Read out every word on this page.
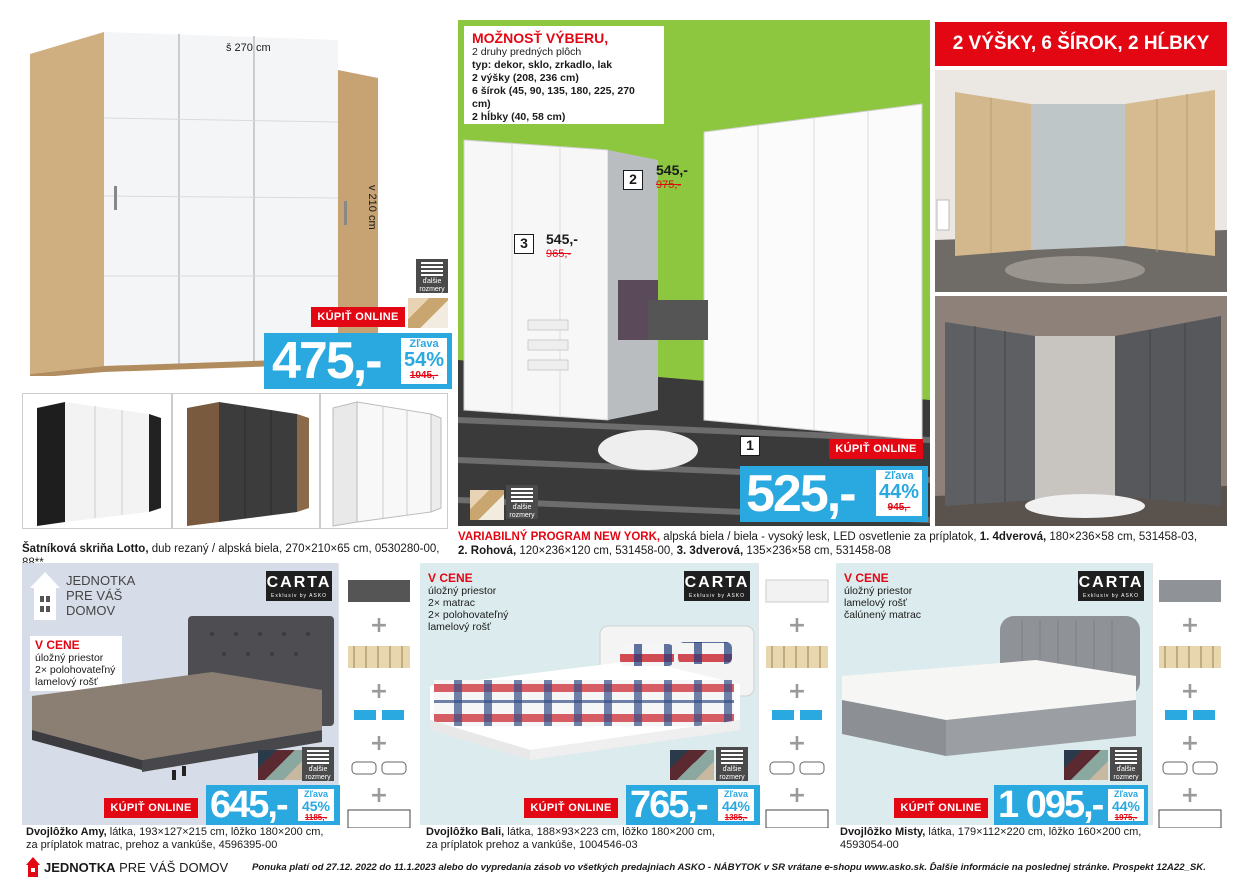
š 270 cm
v 210 cm
ďalšie rozmery
KÚPIŤ ONLINE
475,-	Zľava
54%
1045,-
MOŽNOSŤ VÝBERU,
2 druhy predných plôch
typ: dekor, sklo, zrkadlo, lak
2 výšky (208, 236 cm)
6 šírok (45, 90, 135, 180, 225, 270 cm)
2 hĺbky (40, 58 cm)
2
545,-
975,-
3	545,-
965,-
1
ďalšie rozmery
KÚPIŤ ONLINE
525,-	Zľava
44%
945,-
2 VÝŠKY, 6 ŠÍROK, 2 HĹBKY
Šatníková skriňa Lotto, dub rezaný / alpská biela, 270×210×65 cm, 0530280-00,
VARIABILNÝ PROGRAM NEW YORK, alpská biela / biela - vysoký lesk, LED osvetlenie za príplatok, 1. 4dverová, 180×236×58 cm, 531458-03,
2. Rohová, 120×236×120 cm, 531458-00, 3. 3dverová, 135×236×58 cm, 531458-08
JEDNOTKA
PRE VÁŠ
DOMOV
CARTA
Exklusiv by ASKO
V CENE
úložný priestor
2× polohovateľný
lamelový rošť
ďalšie rozmery
KÚPIŤ ONLINE 645,-	Zľava
45%
1185,-
+
+
+
+
Dvojlôžko Amy, látka, 193×127×215 cm, lôžko 180×200 cm,
za príplatok matrac, prehoz a vankúše, 4596395-00
V CENE
úložný priestor
2× matrac
2× polohovateľný
lamelový rošť
CARTA
Exklusiv by ASKO
ďalšie rozmery
KÚPIŤ ONLINE 765,-	Zľava
44%
1385,-
+
+
+
+
Dvojlôžko Bali, látka, 188×93×223 cm, lôžko 180×200 cm,
za príplatok prehoz a vankúše, 1004546-03
V CENE
úložný priestor
lamelový rošť
čalúnený matrac
CARTA
Exklusiv by ASKO
ďalšie rozmery
KÚPIŤ ONLINE 1 095,-	Zľava
44%
1975,-
+
+
+
+
Dvojlôžko Misty, látka, 179×112×220 cm, lôžko 160×200 cm,
4593054-00
JEDNOTKA PRE VÁŠ DOMOV Ponuka platí od 27.12. 2022 do 11.1.2023 alebo do vypredania zásob vo všetkých predajniach ASKO - NÁBYTOK v SR vrátane e-shopu www.asko.sk. Ďalšie informácie na poslednej stránke. Prospekt 12A22_SK.
